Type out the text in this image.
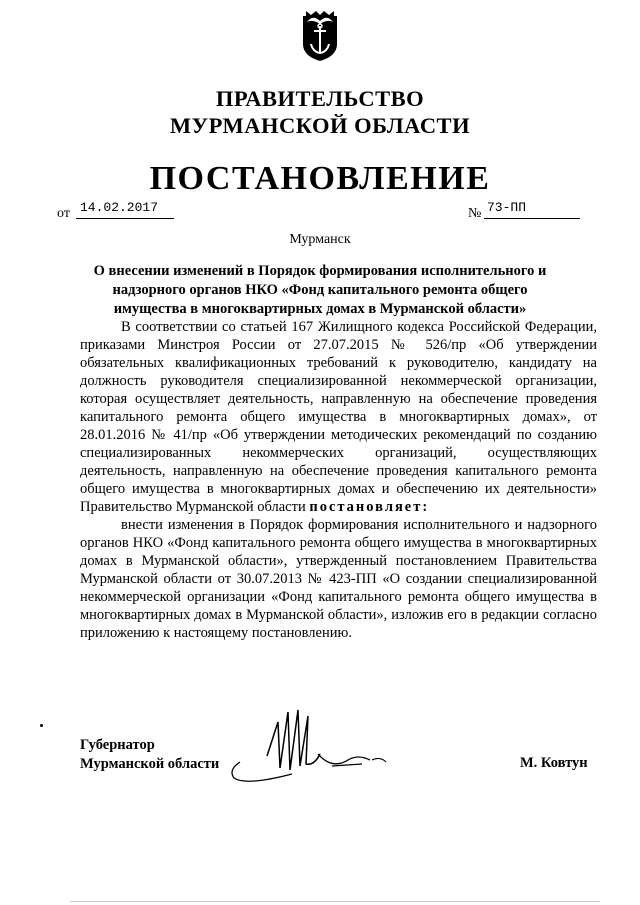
ПРАВИТЕЛЬСТВО
МУРМАНСКОЙ ОБЛАСТИ
ПОСТАНОВЛЕНИЕ
от 14.02.2017	№ 73-ПП
Мурманск
О внесении изменений в Порядок формирования исполнительного и надзорного органов НКО «Фонд капитального ремонта общего имущества в многоквартирных домах в Мурманской области»

В соответствии со статьей 167 Жилищного кодекса Российской Федерации, приказами Минстроя России от 27.07.2015 № 526/пр «Об утверждении обязательных квалификационных требований к руководителю, кандидату на должность руководителя специализированной некоммерческой организации, которая осуществляет деятельность, направленную на обеспечение проведения капитального ремонта общего имущества в многоквартирных домах», от 28.01.2016 № 41/пр «Об утверждении методических рекомендаций по созданию специализированных некоммерческих организаций, осуществляющих деятельность, направленную на обеспечение проведения капитального ремонта общего имущества в многоквартирных домах и обеспечению их деятельности» Правительство Мурманской области постановляет:

внести изменения в Порядок формирования исполнительного и надзорного органов НКО «Фонд капитального ремонта общего имущества в многоквартирных домах в Мурманской области», утвержденный постановлением Правительства Мурманской области от 30.07.2013 № 423-ПП «О создании специализированной некоммерческой организации «Фонд капитального ремонта общего имущества в многоквартирных домах в Мурманской области», изложив его в редакции согласно приложению к настоящему постановлению.

Губернатор
Мурманской области	М. Ковтун
